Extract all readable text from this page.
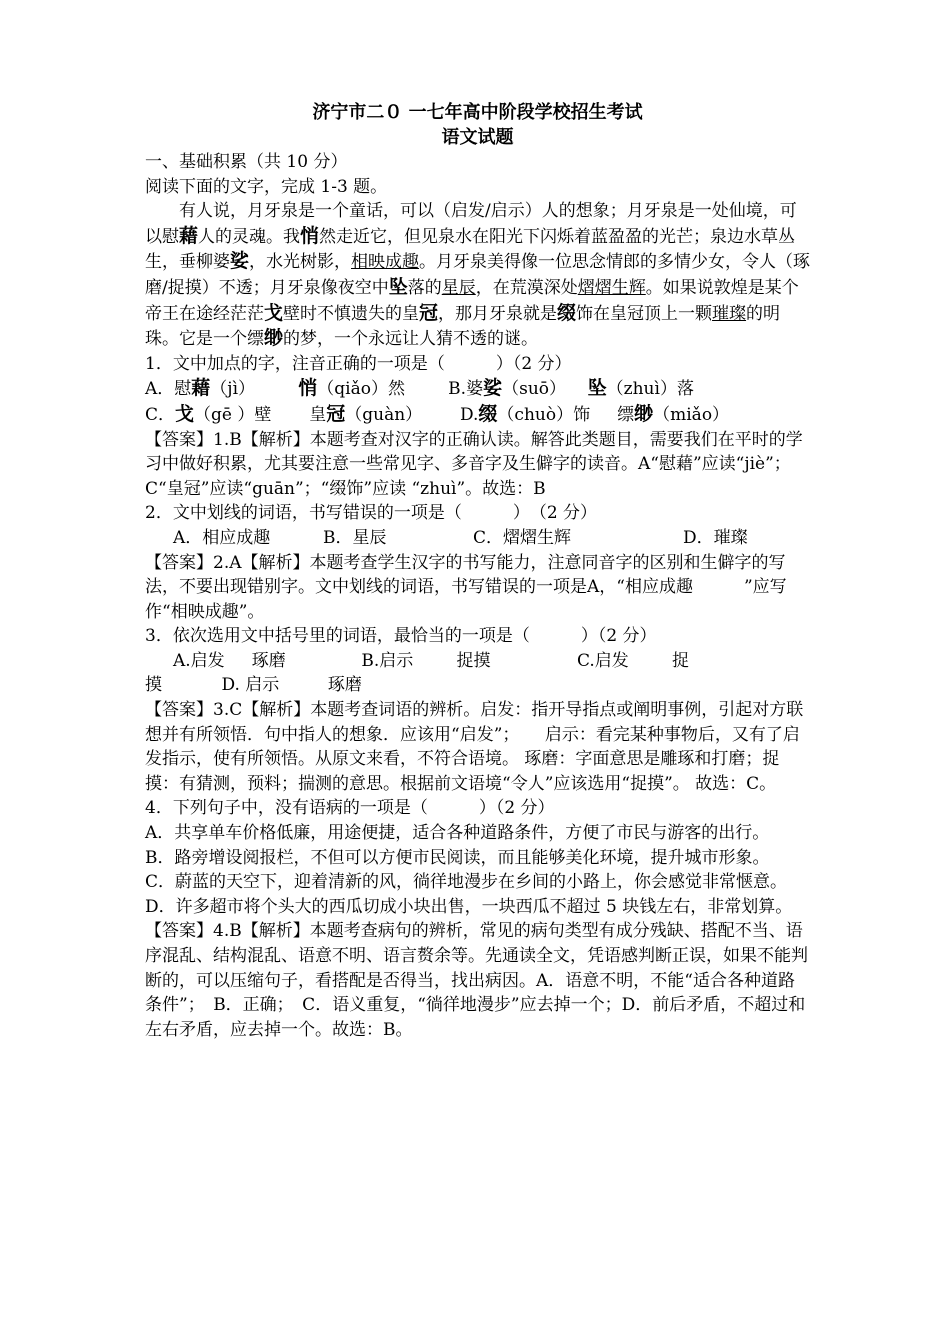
济宁市二０ 一七年高中阶段学校招生考试
语文试题

一、基础积累（共 10 分）

阅读下面的文字，完成 1-3 题。

有人说，月牙泉是一个童话，可以（启发/启示）人的想象；月牙泉是一处仙境，可以慰藉人的灵魂。我悄然走近它，但见泉水在阳光下闪烁着蓝盈盈的光芒；泉边水草丛生，垂柳婆娑，水光树影，相映成趣。月牙泉美得像一位思念情郎的多情少女，令人（琢磨/捉摸）不透；月牙泉像夜空中坠落的星辰，在荒漠深处熠熠生辉。如果说敦煌是某个帝王在途经茫茫戈壁时不慎遗失的皇冠，那月牙泉就是缀饰在皇冠顶上一颗璀璨的明珠。它是一个缥缈的梦，一个永远让人猜不透的谜。

1．文中加点的字，注音正确的一项是（　　　）（2 分）

A．慰藉（jì）        悄（qiǎo）然        B.婆娑（suō）    坠（zhuì）落

C．戈（gē ）壁       皇冠（guàn）       D.缀（chuò）饰     缥缈（miǎo）

【答案】1.B【解析】本题考查对汉字的正确认读。解答此类题目，需要我们在平时的学习中做好积累，尤其要注意一些常见字、多音字及生僻字的读音。A“慰藉”应读“jiè”；C“皇冠”应读“guān”；“缀饰”应读 “zhuì”。故选：B

2．文中划线的词语，书写错误的一项是（　　　）　（2 分）

A．相应成趣	B．星辰	C．熠熠生辉	D．璀璨

【答案】2.A【解析】本题考查学生汉字的书写能力，注意同音字的区别和生僻字的写法，不要出现错别字。文中划线的词语，书写错误的一项是A，“相应成趣　　　”应写作“相映成趣”。

3．依次选用文中括号里的词语，最恰当的一项是（　　　）（2 分）

A.启发     琢磨              B.启示        捉摸                C.启发        捉

摸           D. 启示         琢磨

【答案】3.C【解析】本题考查词语的辨析。启发：指开导指点或阐明事例，引起对方联想并有所领悟．句中指人的想象．应该用“启发”；　　启示：看完某种事物后，又有了启发指示，使有所领悟。从原文来看，不符合语境。 琢磨：字面意思是雕琢和打磨；捉摸：有猜测，预料；揣测的意思。根据前文语境“令人”应该选用“捉摸”。 故选：C。

4．下列句子中，没有语病的一项是（　　　）（2 分）

A．共享单车价格低廉，用途便捷，适合各种道路条件，方便了市民与游客的出行。

B．路旁增设阅报栏，不但可以方便市民阅读，而且能够美化环境，提升城市形象。

C．蔚蓝的天空下，迎着清新的风，徜徉地漫步在乡间的小路上，你会感觉非常惬意。

D．许多超市将个头大的西瓜切成小块出售，一块西瓜不超过 5 块钱左右，非常划算。

【答案】4.B【解析】本题考查病句的辨析，常见的病句类型有成分残缺、搭配不当、语序混乱、结构混乱、语意不明、语言赘余等。先通读全文，凭语感判断正误，如果不能判断的，可以压缩句子，看搭配是否得当，找出病因。A．语意不明，不能“适合各种道路条件”；　B．正确；　C．语义重复，“徜徉地漫步”应去掉一个；D．前后矛盾，不超过和左右矛盾，应去掉一个。故选：B。
